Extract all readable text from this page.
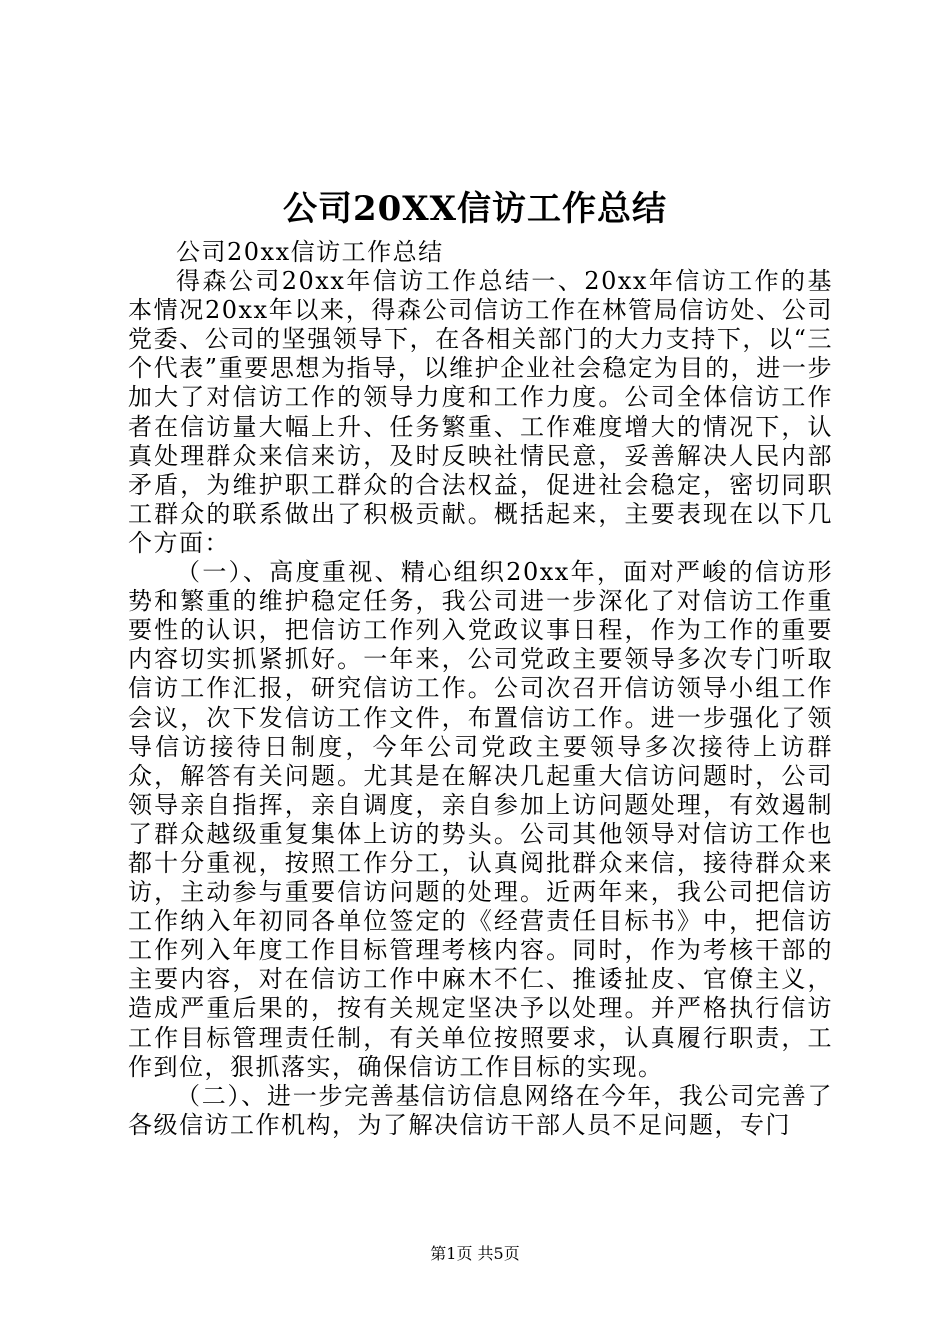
公司20XX信访工作总结

公司20xx信访工作总结

得森公司20xx年信访工作总结一、20xx年信访工作的基本情况20xx年以来，得森公司信访工作在林管局信访处、公司党委、公司的坚强领导下，在各相关部门的大力支持下，以“三个代表”重要思想为指导，以维护企业社会稳定为目的，进一步加大了对信访工作的领导力度和工作力度。公司全体信访工作者在信访量大幅上升、任务繁重、工作难度增大的情况下，认真处理群众来信来访，及时反映社情民意，妥善解决人民内部矛盾，为维护职工群众的合法权益，促进社会稳定，密切同职工群众的联系做出了积极贡献。概括起来，主要表现在以下几个方面：

（一）、高度重视、精心组织20xx年，面对严峻的信访形势和繁重的维护稳定任务，我公司进一步深化了对信访工作重要性的认识，把信访工作列入党政议事日程，作为工作的重要内容切实抓紧抓好。一年来，公司党政主要领导多次专门听取信访工作汇报，研究信访工作。公司次召开信访领导小组工作会议，次下发信访工作文件，布置信访工作。进一步强化了领导信访接待日制度，今年公司党政主要领导多次接待上访群众，解答有关问题。尤其是在解决几起重大信访问题时，公司领导亲自指挥，亲自调度，亲自参加上访问题处理，有效遏制了群众越级重复集体上访的势头。公司其他领导对信访工作也都十分重视，按照工作分工，认真阅批群众来信，接待群众来访，主动参与重要信访问题的处理。近两年来，我公司把信访工作纳入年初同各单位签定的《经营责任目标书》中，把信访工作列入年度工作目标管理考核内容。同时，作为考核干部的主要内容，对在信访工作中麻木不仁、推诿扯皮、官僚主义，造成严重后果的，按有关规定坚决予以处理。并严格执行信访工作目标管理责任制，有关单位按照要求，认真履行职责，工作到位，狠抓落实，确保信访工作目标的实现。

（二）、进一步完善基信访信息网络在今年，我公司完善了各级信访工作机构，为了解决信访干部人员不足问题，专门

第1页 共5页
